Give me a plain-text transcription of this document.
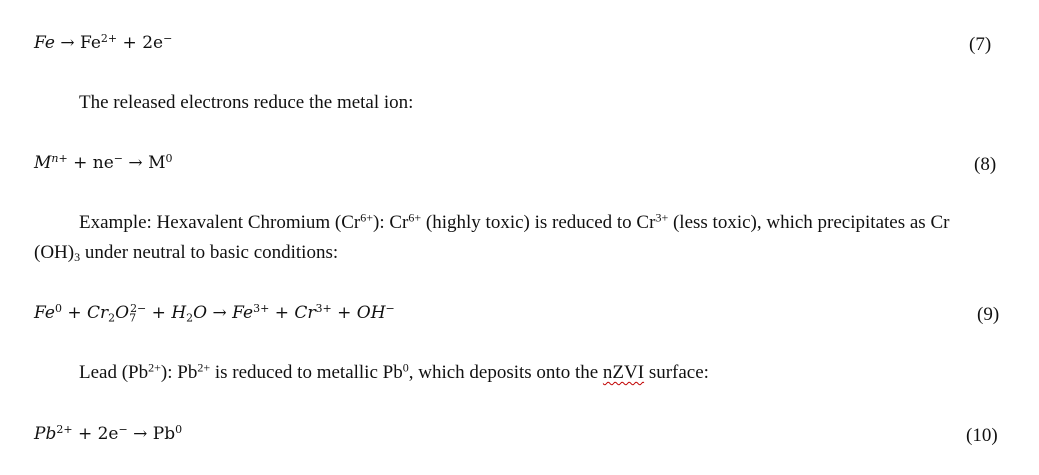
$Fe \to Fe^{2+} + 2e^-$	(7)
The released electrons reduce the metal ion:
$M^{n+} + ne^- \to M^0$	(8)
Example: Hexavalent Chromium $(Cr^{6+})$: $Cr^{6+}$ (highly toxic) is reduced to $Cr^{3+}$ (less toxic), which precipitates as Cr
$(OH)_3$ under neutral to basic conditions:
$Fe^0 + Cr_2O_7^{2-} + H_2O \to Fe^{3+} + Cr^{3+} + OH^-$	(9)
Lead $(Pb^{2+})$: $Pb^{2+}$ is reduced to metallic Pb$^0$, which deposits onto the nZVI surface:
$Pb^{2+} + 2e^- \to Pb^0$	(10)
